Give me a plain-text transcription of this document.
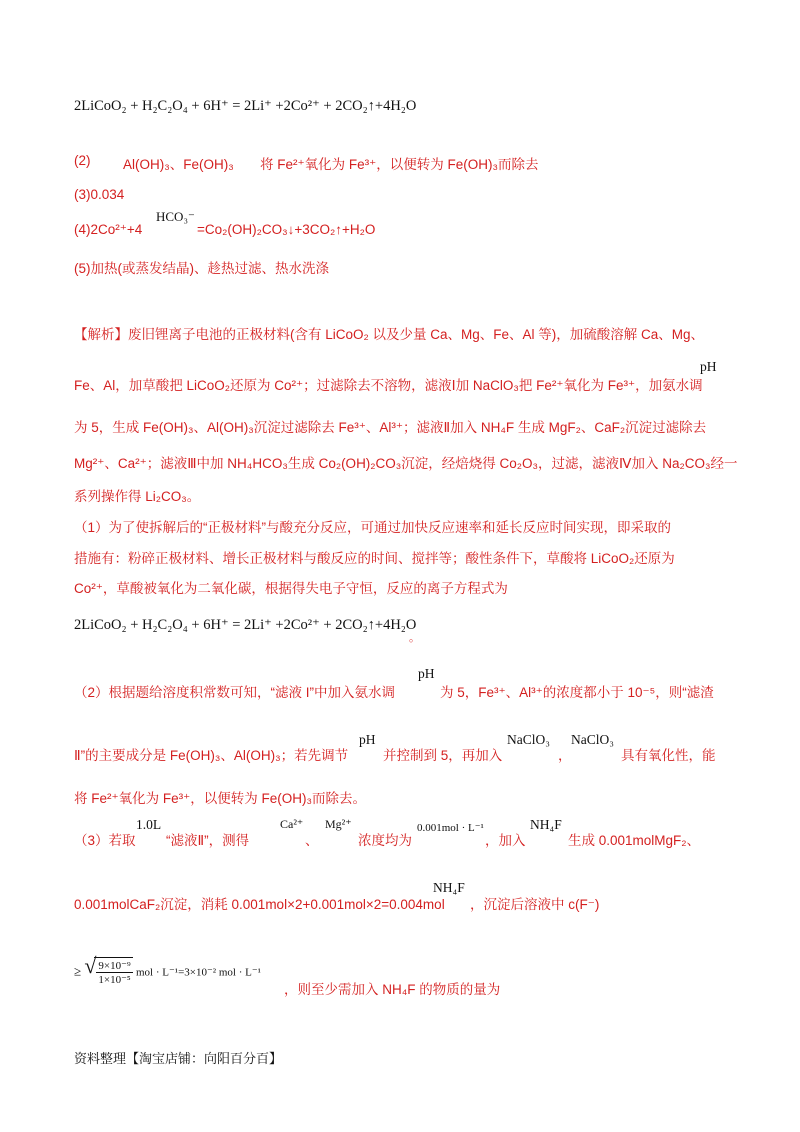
2LiCoO₂ + H₂C₂O₄ + 6H⁺ = 2Li⁺ +2Co²⁺ + 2CO₂↑+4H₂O
(2) Al(OH)₃、Fe(OH)₃ 将 Fe²⁺氧化为 Fe³⁺，以便转为 Fe(OH)₃而除去
(3)0.034
(4)2Co²⁺+4
HCO₃⁻
=Co₂(OH)₂CO₃↓+3CO₂↑+H₂O
(5)加热(或蒸发结晶)、趁热过滤、热水洗涤
【解析】废旧锂离子电池的正极材料(含有 LiCoO₂ 以及少量 Ca、Mg、Fe、Al 等)，加硫酸溶解 Ca、Mg、
pH
Fe、Al，加草酸把 LiCoO₂还原为 Co²⁺；过滤除去不溶物，滤液Ⅰ加 NaClO₃把 Fe²⁺氧化为 Fe³⁺，加氨水调
为 5，生成 Fe(OH)₃、Al(OH)₃沉淀过滤除去 Fe³⁺、Al³⁺；滤液Ⅱ加入 NH₄F 生成 MgF₂、CaF₂沉淀过滤除去
Mg²⁺、Ca²⁺；滤液Ⅲ中加 NH₄HCO₃生成 Co₂(OH)₂CO₃沉淀，经焙烧得 Co₂O₃，过滤，滤液Ⅳ加入 Na₂CO₃经一
系列操作得 Li₂CO₃。
（1）为了使拆解后的“正极材料”与酸充分反应，可通过加快反应速率和延长反应时间实现，即采取的
措施有：粉碎正极材料、增长正极材料与酸反应的时间、搅拌等；酸性条件下，草酸将 LiCoO₂还原为
Co²⁺，草酸被氧化为二氧化碳，根据得失电子守恒，反应的离子方程式为
2LiCoO₂ + H₂C₂O₄ + 6H⁺ = 2Li⁺ +2Co²⁺ + 2CO₂↑+4H₂O
。
（2）根据题给溶度积常数可知，“滤液 I”中加入氨水调
pH
为 5，Fe³⁺、Al³⁺的浓度都小于 10⁻⁵，则“滤渣
Ⅱ”的主要成分是 Fe(OH)₃、Al(OH)₃；若先调节
pH
并控制到 5，再加入
NaClO₃
，
NaClO₃
具有氧化性，能
将 Fe²⁺氧化为 Fe³⁺，以便转为 Fe(OH)₃而除去。
（3）若取
1.0L
“滤液Ⅱ”，测得
Ca²⁺
、
Mg²⁺
浓度均为
0.001mol · L⁻¹
，加入
NH₄F
生成 0.001molMgF₂、
0.001molCaF₂沉淀，消耗 0.001mol×2+0.001mol×2=0.004mol
NH₄F
，沉淀后溶液中 c(F⁻)
≥ √ $\frac{\text{9×10⁻⁹}}{\text{1×10⁻⁵}}$ mol · L⁻¹=3×10⁻² mol · L⁻¹
，则至少需加入 NH₄F 的物质的量为
资料整理【淘宝店铺：向阳百分百】
